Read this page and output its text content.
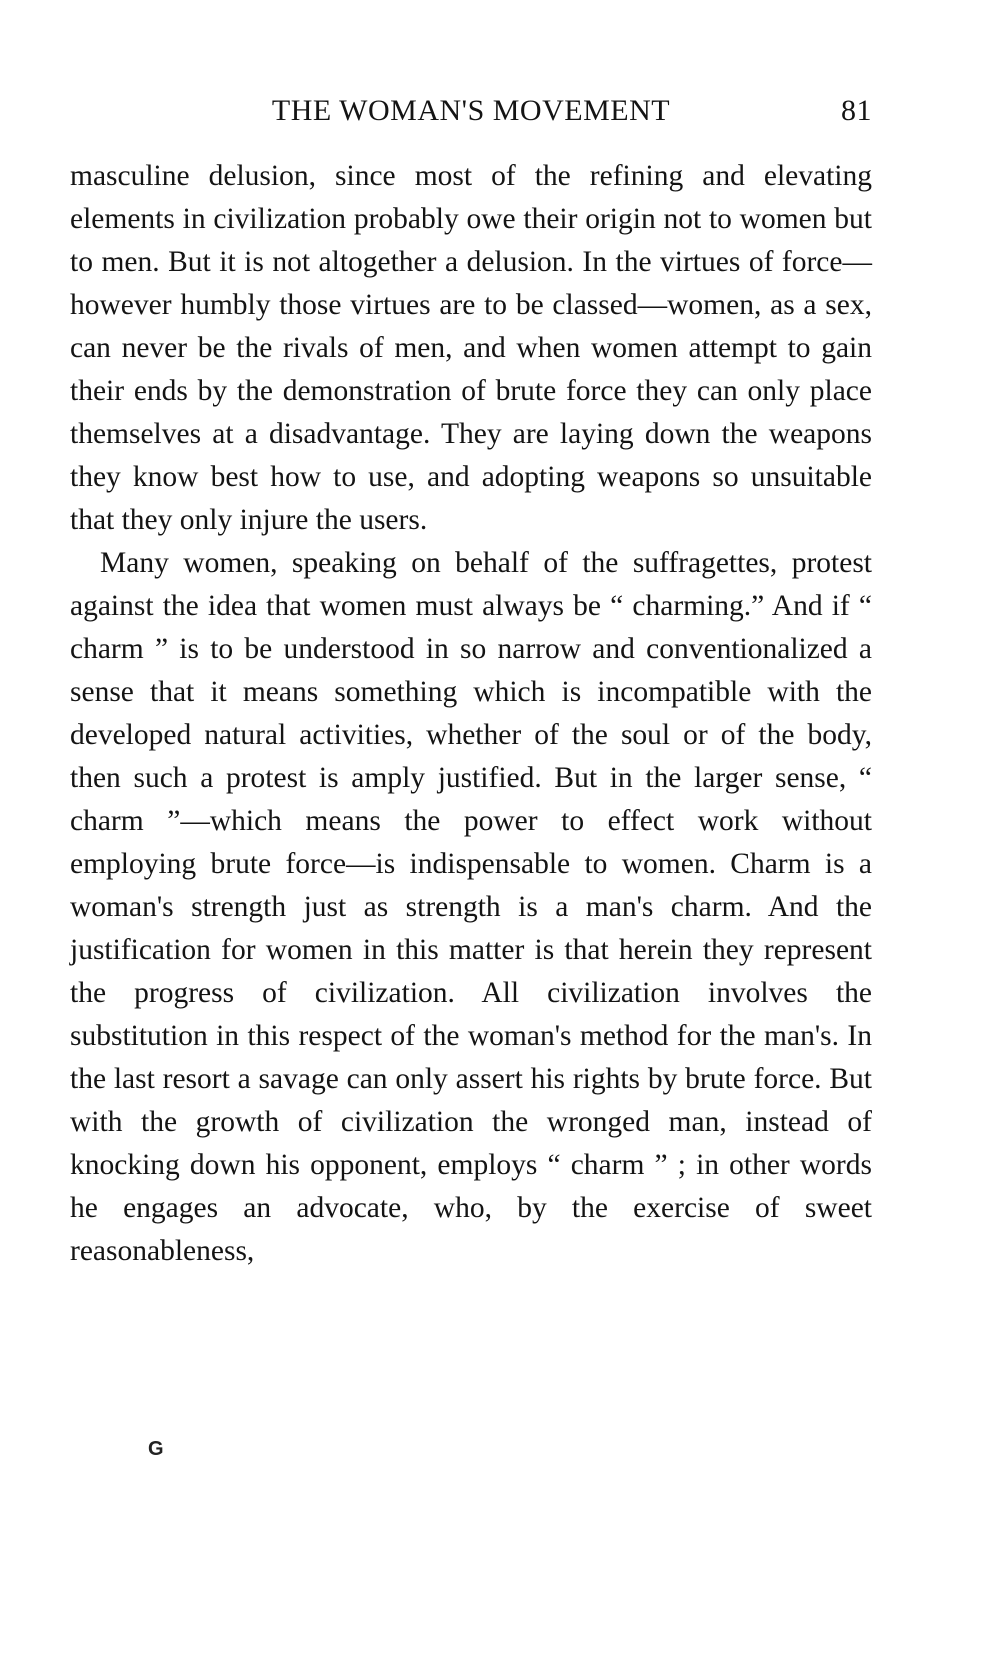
THE WOMAN'S MOVEMENT	81

masculine delusion, since most of the refining and elevating elements in civilization probably owe their origin not to women but to men. But it is not altogether a delusion. In the virtues of force—however humbly those virtues are to be classed—women, as a sex, can never be the rivals of men, and when women attempt to gain their ends by the demonstration of brute force they can only place themselves at a disadvantage. They are laying down the weapons they know best how to use, and adopting weapons so unsuitable that they only injure the users.

Many women, speaking on behalf of the suffragettes, protest against the idea that women must always be “ charming.” And if “ charm ” is to be understood in so narrow and conventionalized a sense that it means something which is incompatible with the developed natural activities, whether of the soul or of the body, then such a protest is amply justified. But in the larger sense, “ charm ”—which means the power to effect work without employing brute force—is indispensable to women. Charm is a woman's strength just as strength is a man's charm. And the justification for women in this matter is that herein they represent the progress of civilization. All civilization involves the substitution in this respect of the woman's method for the man's. In the last resort a savage can only assert his rights by brute force. But with the growth of civilization the wronged man, instead of knocking down his opponent, employs “ charm ” ; in other words he engages an advocate, who, by the exercise of sweet reasonableness,

G
